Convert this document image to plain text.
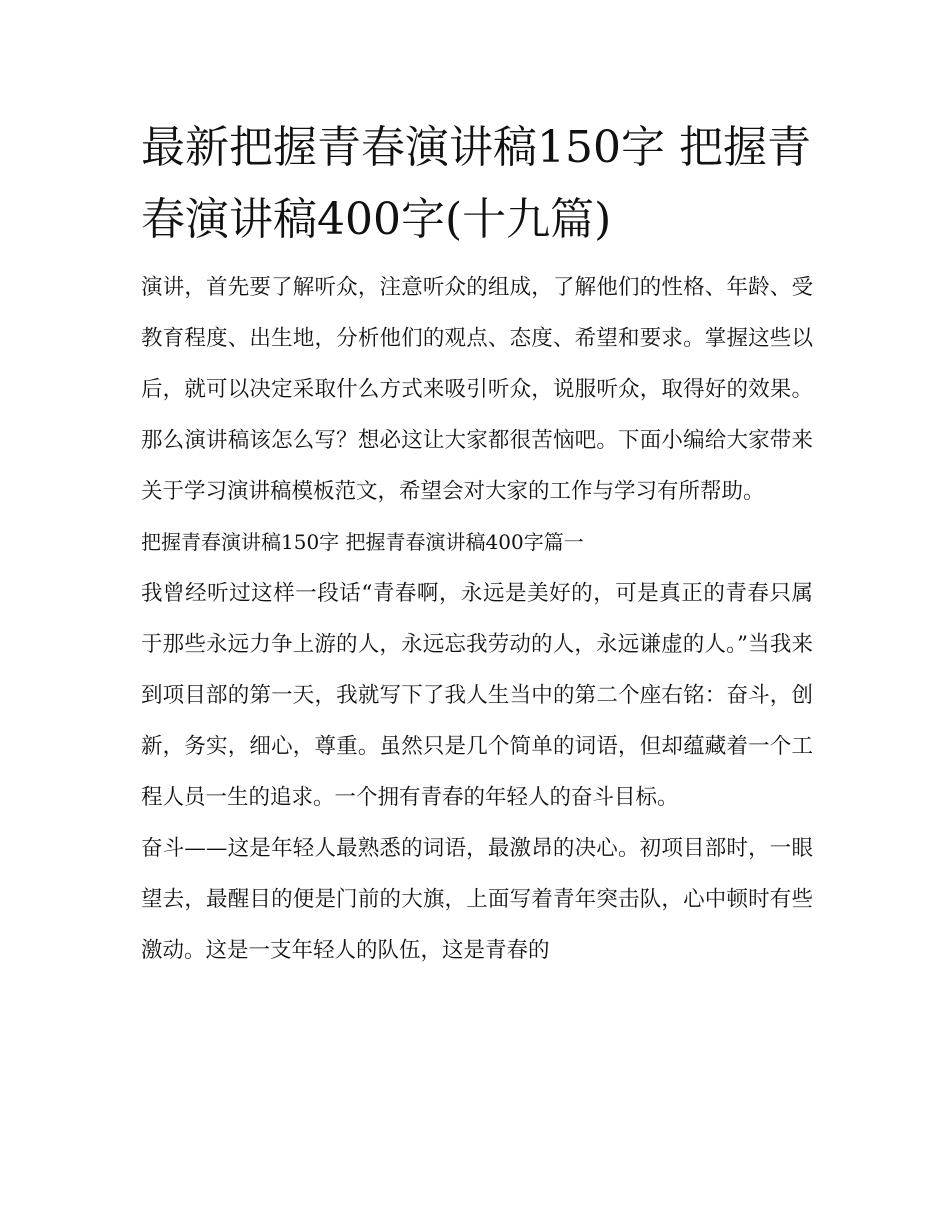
最新把握青春演讲稿150字 把握青春演讲稿400字(十九篇)

演讲，首先要了解听众，注意听众的组成，了解他们的性格、年龄、受教育程度、出生地，分析他们的观点、态度、希望和要求。掌握这些以后，就可以决定采取什么方式来吸引听众，说服听众，取得好的效果。那么演讲稿该怎么写？想必这让大家都很苦恼吧。下面小编给大家带来关于学习演讲稿模板范文，希望会对大家的工作与学习有所帮助。

把握青春演讲稿150字 把握青春演讲稿400字篇一

我曾经听过这样一段话“青春啊，永远是美好的，可是真正的青春只属于那些永远力争上游的人，永远忘我劳动的人，永远谦虚的人。”当我来到项目部的第一天，我就写下了我人生当中的第二个座右铭：奋斗，创新，务实，细心，尊重。虽然只是几个简单的词语，但却蕴藏着一个工程人员一生的追求。一个拥有青春的年轻人的奋斗目标。

奋斗——这是年轻人最熟悉的词语，最激昂的决心。初项目部时，一眼望去，最醒目的便是门前的大旗，上面写着青年突击队，心中顿时有些激动。这是一支年轻人的队伍，这是青春的
